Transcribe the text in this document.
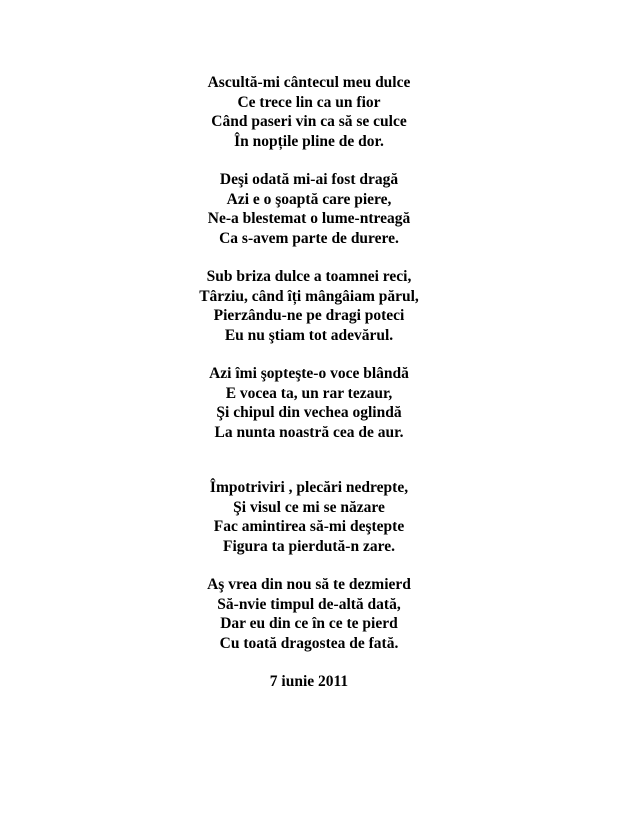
Ascultă-mi cântecul meu dulce
Ce trece lin ca un fior
Când paseri vin ca să se culce
În nopțile pline de dor.
Deşi odată mi-ai fost dragă
Azi e o şoaptă care piere,
Ne-a blestemat o lume-ntreagă
Ca s-avem parte de durere.
Sub briza dulce a toamnei reci,
Târziu, când îți mângâiam părul,
Pierzându-ne pe dragi poteci
Eu nu ştiam tot adevărul.
Azi îmi şopteşte-o voce blândă
E vocea ta, un rar tezaur,
Şi chipul din vechea oglindă
La nunta noastră cea de aur.
Împotriviri , plecări nedrepte,
Şi visul ce mi se năzare
Fac amintirea să-mi deştepte
Figura ta pierdută-n zare.
Aş vrea din nou să te dezmierd
Să-nvie timpul de-altă dată,
Dar eu din ce în ce te pierd
Cu toată dragostea de fată.
7 iunie 2011
